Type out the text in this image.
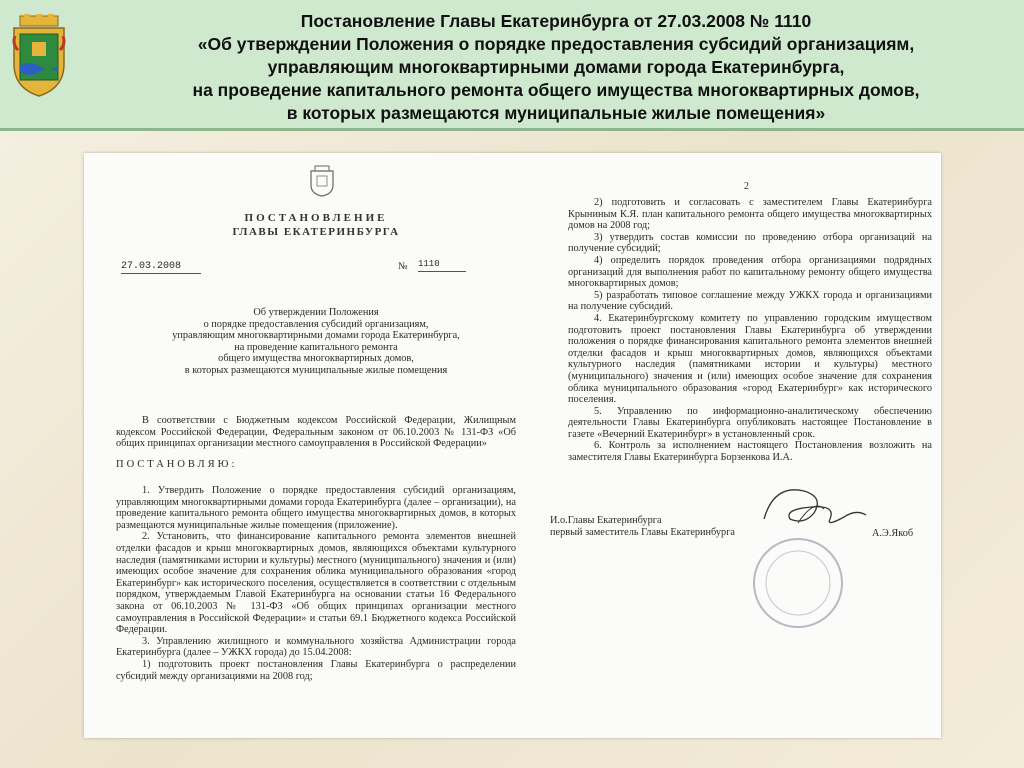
Постановление Главы Екатеринбурга от 27.03.2008 № 1110
«Об утверждении Положения о порядке предоставления субсидий организациям,
управляющим многоквартирными домами города Екатеринбурга,
на проведение капитального ремонта общего имущества многоквартирных домов,
в которых размещаются муниципальные жилые помещения»
ПОСТАНОВЛЕНИЕ
ГЛАВЫ ЕКАТЕРИНБУРГА
27.03.2008	№ 1110
Об утверждении Положения
о порядке предоставления субсидий организациям,
управляющим многоквартирными домами города Екатеринбурга,
на проведение капитального ремонта
общего имущества многоквартирных домов,
в которых размещаются муниципальные жилые помещения

В соответствии с Бюджетным кодексом Российской Федерации, Жилищным кодексом Российской Федерации, Федеральным законом от 06.10.2003 № 131-ФЗ «Об общих принципах организации местного самоуправления в Российской Федерации»

ПОСТАНОВЛЯЮ:

1. Утвердить Положение о порядке предоставления субсидий организациям, управляющим многоквартирными домами города Екатеринбурга (далее – организации), на проведение капитального ремонта общего имущества многоквартирных домов, в которых размещаются муниципальные жилые помещения (приложение).

2. Установить, что финансирование капитального ремонта элементов внешней отделки фасадов и крыш многоквартирных домов, являющихся объектами культурного наследия (памятниками истории и культуры) местного (муниципального) значения и (или) имеющих особое значение для сохранения облика муниципального образования «город Екатеринбург» как исторического поселения, осуществляется в соответствии с отдельным порядком, утверждаемым Главой Екатеринбурга на основании статьи 16 Федерального закона от 06.10.2003 № 131-ФЗ «Об общих принципах организации местного самоуправления в Российской Федерации» и статьи 69.1 Бюджетного кодекса Российской Федерации.

3. Управлению жилищного и коммунального хозяйства Администрации города Екатеринбурга (далее – УЖКХ города) до 15.04.2008:

1) подготовить проект постановления Главы Екатеринбурга о распределении субсидий между организациями на 2008 год;

2

2) подготовить и согласовать с заместителем Главы Екатеринбурга Крыниным К.Я. план капитального ремонта общего имущества многоквартирных домов на 2008 год;

3) утвердить состав комиссии по проведению отбора организаций на получение субсидий;

4) определить порядок проведения отбора организациями подрядных организаций для выполнения работ по капитальному ремонту общего имущества многоквартирных домов;

5) разработать типовое соглашение между УЖКХ города и организациями на получение субсидий.

4. Екатеринбургскому комитету по управлению городским имуществом подготовить проект постановления Главы Екатеринбурга об утверждении положения о порядке финансирования капитального ремонта элементов внешней отделки фасадов и крыш многоквартирных домов, являющихся объектами культурного наследия (памятниками истории и культуры) местного (муниципального) значения и (или) имеющих особое значение для сохранения облика муниципального образования «город Екатеринбург» как исторического поселения.

5. Управлению по информационно-аналитическому обеспечению деятельности Главы Екатеринбурга опубликовать настоящее Постановление в газете «Вечерний Екатеринбург» в установленный срок.

6. Контроль за исполнением настоящего Постановления возложить на заместителя Главы Екатеринбурга Борзенкова И.А.

И.о.Главы Екатеринбурга
первый заместитель Главы Екатеринбурга	А.Э.Якоб
